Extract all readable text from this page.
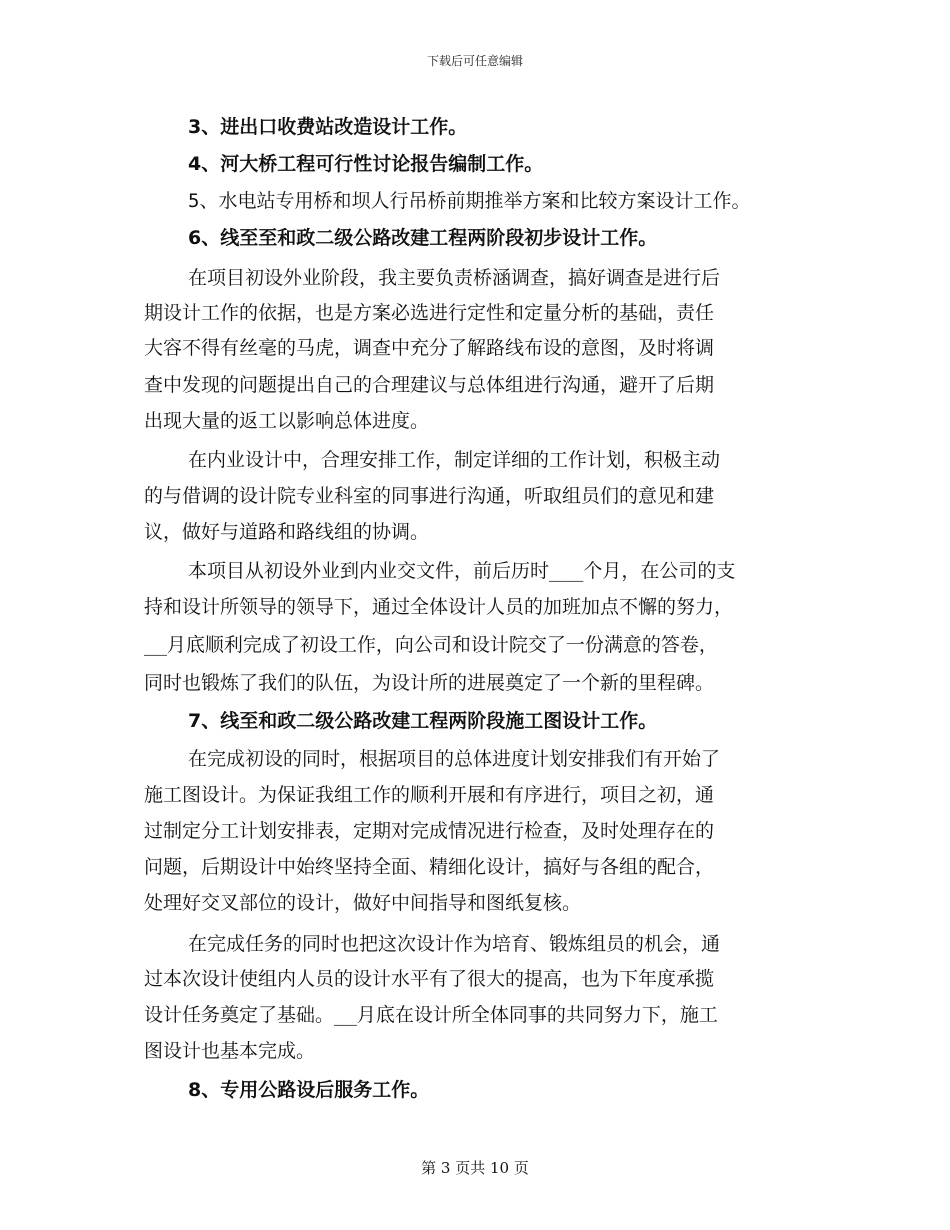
下载后可任意编辑
3、进出口收费站改造设计工作。
4、河大桥工程可行性讨论报告编制工作。
5、水电站专用桥和坝人行吊桥前期推举方案和比较方案设计工作。
6、线至至和政二级公路改建工程两阶段初步设计工作。
在项目初设外业阶段，我主要负责桥涵调查，搞好调查是进行后
期设计工作的依据，也是方案必选进行定性和定量分析的基础，责任
大容不得有丝毫的马虎，调查中充分了解路线布设的意图，及时将调
查中发现的问题提出自己的合理建议与总体组进行沟通，避开了后期
出现大量的返工以影响总体进度。
在内业设计中，合理安排工作，制定详细的工作计划，积极主动
的与借调的设计院专业科室的同事进行沟通，听取组员们的意见和建
议，做好与道路和路线组的协调。
本项目从初设外业到内业交文件，前后历时___个月，在公司的支
持和设计所领导的领导下，通过全体设计人员的加班加点不懈的努力，
__月底顺利完成了初设工作，向公司和设计院交了一份满意的答卷，
同时也锻炼了我们的队伍，为设计所的进展奠定了一个新的里程碑。
7、线至和政二级公路改建工程两阶段施工图设计工作。
在完成初设的同时，根据项目的总体进度计划安排我们有开始了
施工图设计。为保证我组工作的顺利开展和有序进行，项目之初，通
过制定分工计划安排表，定期对完成情况进行检查，及时处理存在的
问题，后期设计中始终坚持全面、精细化设计，搞好与各组的配合，
处理好交叉部位的设计，做好中间指导和图纸复核。
在完成任务的同时也把这次设计作为培育、锻炼组员的机会，通
过本次设计使组内人员的设计水平有了很大的提高，也为下年度承揽
设计任务奠定了基础。__月底在设计所全体同事的共同努力下，施工
图设计也基本完成。
8、专用公路设后服务工作。
第 3 页共 10 页
